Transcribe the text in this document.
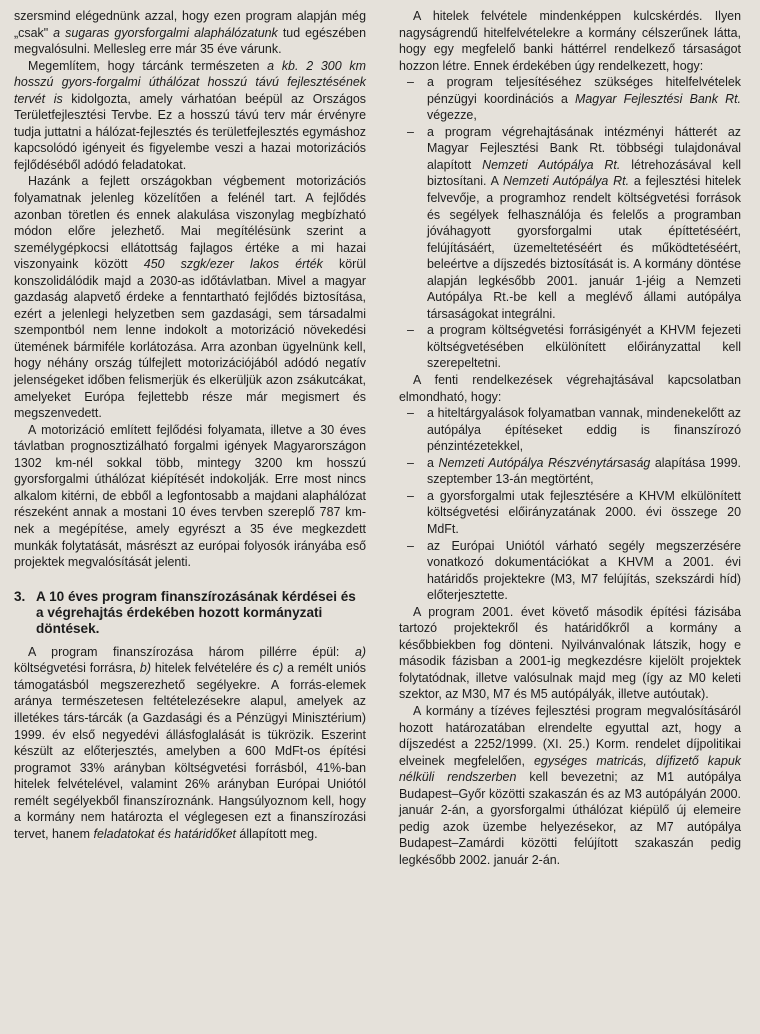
szersmind elégednünk azzal, hogy ezen program alapján még „csak" a sugaras gyorsforgalmi alaphálózatunk tud egészében megvalósulni. Mellesleg erre már 35 éve várunk.

Megemlítem, hogy tárcánk természeten a kb. 2 300 km hosszú gyors-forgalmi úthálózat hosszú távú fejlesztésének tervét is kidolgozta, amely várhatóan beépül az Országos Területfejlesztési Tervbe. Ez a hosszú távú terv már érvényre tudja juttatni a hálózat-fejlesztés és területfejlesztés egymáshoz kapcsolódó igényeit és figyelembe veszi a hazai motorizációs fejlődéséből adódó feladatokat.

Hazánk a fejlett országokban végbement motorizációs folyamatnak jelenleg közelítően a felénél tart. A fejlődés azonban töretlen és ennek alakulása viszonylag megbízható módon előre jelezhető. Mai megítélésünk szerint a személygépkocsi ellátottság fajlagos értéke a mi hazai viszonyaink között 450 szgk/ezer lakos érték körül konszolidálódik majd a 2030-as időtávlatban. Mivel a magyar gazdaság alapvető érdeke a fenntartható fejlődés biztosítása, ezért a jelenlegi helyzetben sem gazdasági, sem társadalmi szempontból nem lenne indokolt a motorizáció növekedési ütemének bármiféle korlátozása. Arra azonban ügyelnünk kell, hogy néhány ország túlfejlett motorizációjából adódó negatív jelenségeket időben felismerjük és elkerüljük azon zsákutcákat, amelyeket Európa fejlettebb része már megismert és megszenvedett.

A motorizáció említett fejlődési folyamata, illetve a 30 éves távlatban prognosztizálható forgalmi igények Magyarországon 1302 km-nél sokkal több, mintegy 3200 km hosszú gyorsforgalmi úthálózat kiépítését indokolják. Erre most nincs alkalom kitérni, de ebből a legfontosabb a majdani alaphálózat részeként annak a mostani 10 éves tervben szereplő 787 km-nek a megépítése, amely egyrészt a 35 éve megkezdett munkák folytatását, másrészt az európai folyosók irányába eső projektek megvalósítását jelenti.

3. A 10 éves program finanszírozásának kérdései és a végrehajtás érdekében hozott kormányzati döntések.

A program finanszírozása három pillérre épül: a) költségvetési forrásra, b) hitelek felvételére és c) a remélt uniós támogatásból megszerezhető segélyekre. A forrás-elemek aránya természetesen feltételezésekre alapul, amelyek az illetékes társ-tárcák (a Gazdasági és a Pénzügyi Minisztérium) 1999. év első negyedévi állásfoglalását is tükrözik. Eszerint készült az előterjesztés, amelyben a 600 MdFt-os építési programot 33% arányban költségvetési forrásból, 41%-ban hitelek felvételével, valamint 26% arányban Európai Uniótól remélt segélyekből finanszíroznánk. Hangsúlyoznom kell, hogy a kormány nem határozta el véglegesen ezt a finanszírozási tervet, hanem feladatokat és határidőket állapított meg.

A hitelek felvétele mindenképpen kulcskérdés. Ilyen nagyságrendű hitelfelvételekre a kormány célszerűnek látta, hogy egy megfelelő banki háttérrel rendelkező társaságot hozzon létre. Ennek érdekében úgy rendelkezett, hogy:

– a program teljesítéséhez szükséges hitelfelvételek pénzügyi koordinációs a Magyar Fejlesztési Bank Rt. végezze,
– a program végrehajtásának intézményi hátterét az Magyar Fejlesztési Bank Rt. többségi tulajdonával alapított Nemzeti Autópálya Rt. létrehozásával kell biztosítani. A Nemzeti Autópálya Rt. a fejlesztési hitelek felvevője, a programhoz rendelt költségvetési források és segélyek felhasználója és felelős a programban jóváhagyott gyorsforgalmi utak építtetéséért, felújításáért, üzemeltetéséért és működtetéséért, beleértve a díjszedés biztosítását is. A kormány döntése alapján legkésőbb 2001. január 1-jéig a Nemzeti Autópálya Rt.-be kell a meglévő állami autópálya társaságokat integrálni.
– a program költségvetési forrásigényét a KHVM fejezeti költségvetésében elkülönített előirányzattal kell szerepeltetni.

A fenti rendelkezések végrehajtásával kapcsolatban elmondható, hogy:

– a hiteltárgyalások folyamatban vannak, mindenekelőtt az autópálya építéseket eddig is finanszírozó pénzintézetekkel,
– a Nemzeti Autópálya Részvénytársaság alapítása 1999. szeptember 13-án megtörtént,
– a gyorsforgalmi utak fejlesztésére a KHVM elkülönített költségvetési előirányzatának 2000. évi összege 20 MdFt.
– az Európai Uniótól várható segély megszerzésére vonatkozó dokumentációkat a KHVM a 2001. évi határidős projektekre (M3, M7 felújítás, szekszárdi híd) előterjesztette.

A program 2001. évet követő második építési fázisába tartozó projektekről és határidőkről a kormány a későbbiekben fog dönteni. Nyilvánvalónak látszik, hogy e második fázisban a 2001-ig megkezdésre kijelölt projektek folytatódnak, illetve valósulnak majd meg (így az M0 keleti szektor, az M30, M7 és M5 autópályák, illetve autóutak).

A kormány a tízéves fejlesztési program megvalósításáról hozott határozatában elrendelte egyuttal azt, hogy a díjszedést a 2252/1999. (XI. 25.) Korm. rendelet díjpolitikai elveinek megfelelően, egységes matricás, díjfizető kapuk nélküli rendszerben kell bevezetni; az M1 autópálya Budapest–Győr közötti szakaszán és az M3 autópályán 2000. január 2-án, a gyorsforgalmi úthálózat kiépülő új elemeire pedig azok üzembe helyezésekor, az M7 autópálya Budapest–Zamárdi közötti felújított szakaszán pedig legkésőbb 2002. január 2-án.
